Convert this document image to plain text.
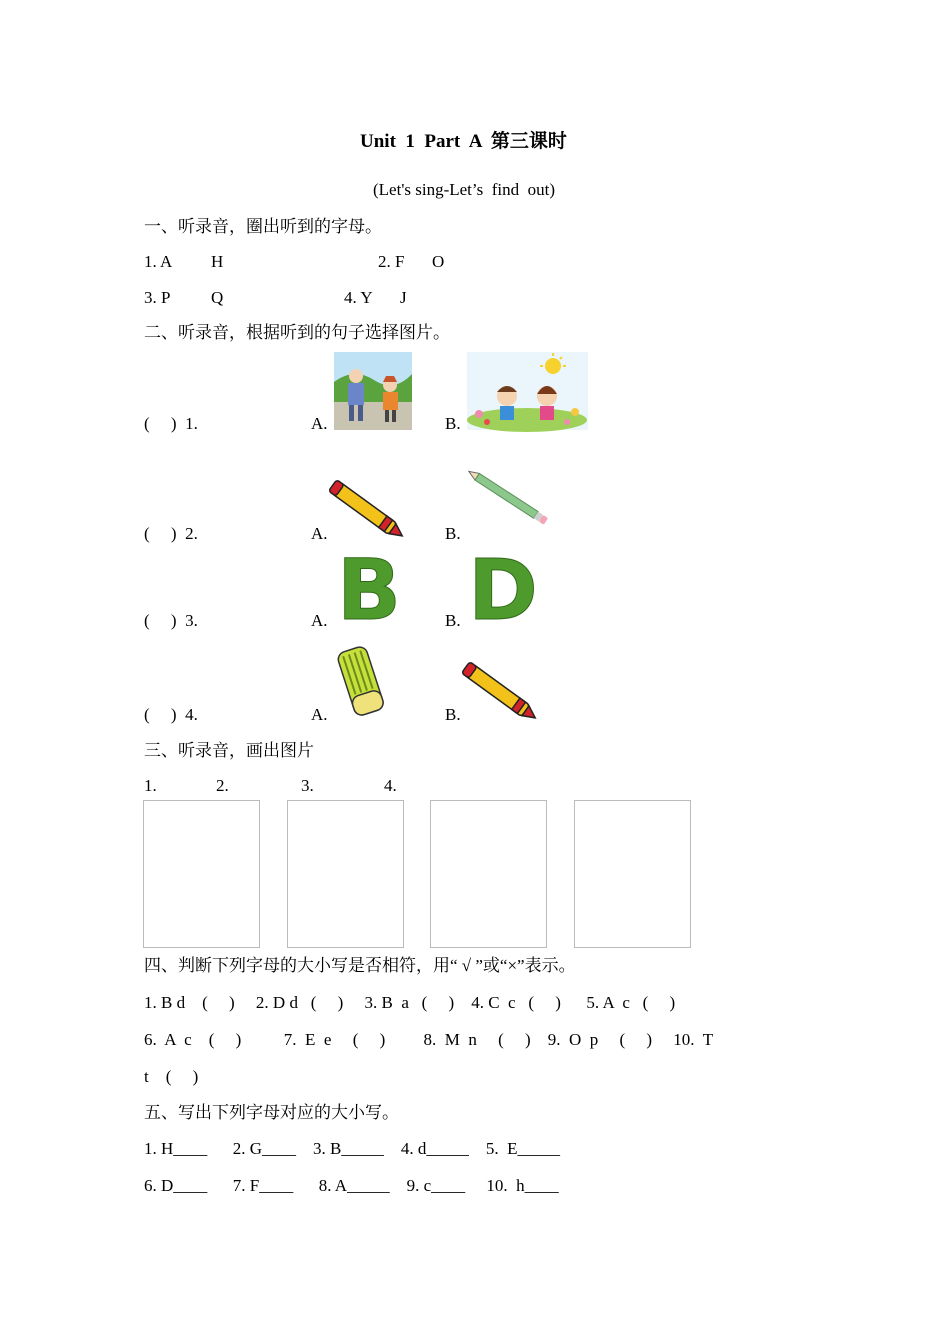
Unit  1  Part  A  第三课时
(Let's sing-Let’s  find  out)
一、听录音，圈出听到的字母。
1. A H	2. F O
3. P Q	4. Y J
二、听录音，根据听到的句子选择图片。
(     )  1.	A.	B.
(     )  2.	A.	B.
(     )  3.	A. B	B. D
(     )  4.	A.	B.
三、听录音，画出图片
1.	2.	3.	4.
四、判断下列字母的大小写是否相符，用“ √ ”或“×”表示。
1. B d    (     )     2. D d   (     )     3. B  a   (     )    4. C  c   (     )      5. A  c   (     )
6.  A  c    (     )          7.  E  e     (     )         8.  M  n     (     )    9.  O  p     (     )     10.  T
t    (     )
五、写出下列字母对应的大小写。
1. H____      2. G____    3. B_____    4. d_____    5.  E_____
6. D____      7. F____      8. A_____    9. c____     10.  h____
